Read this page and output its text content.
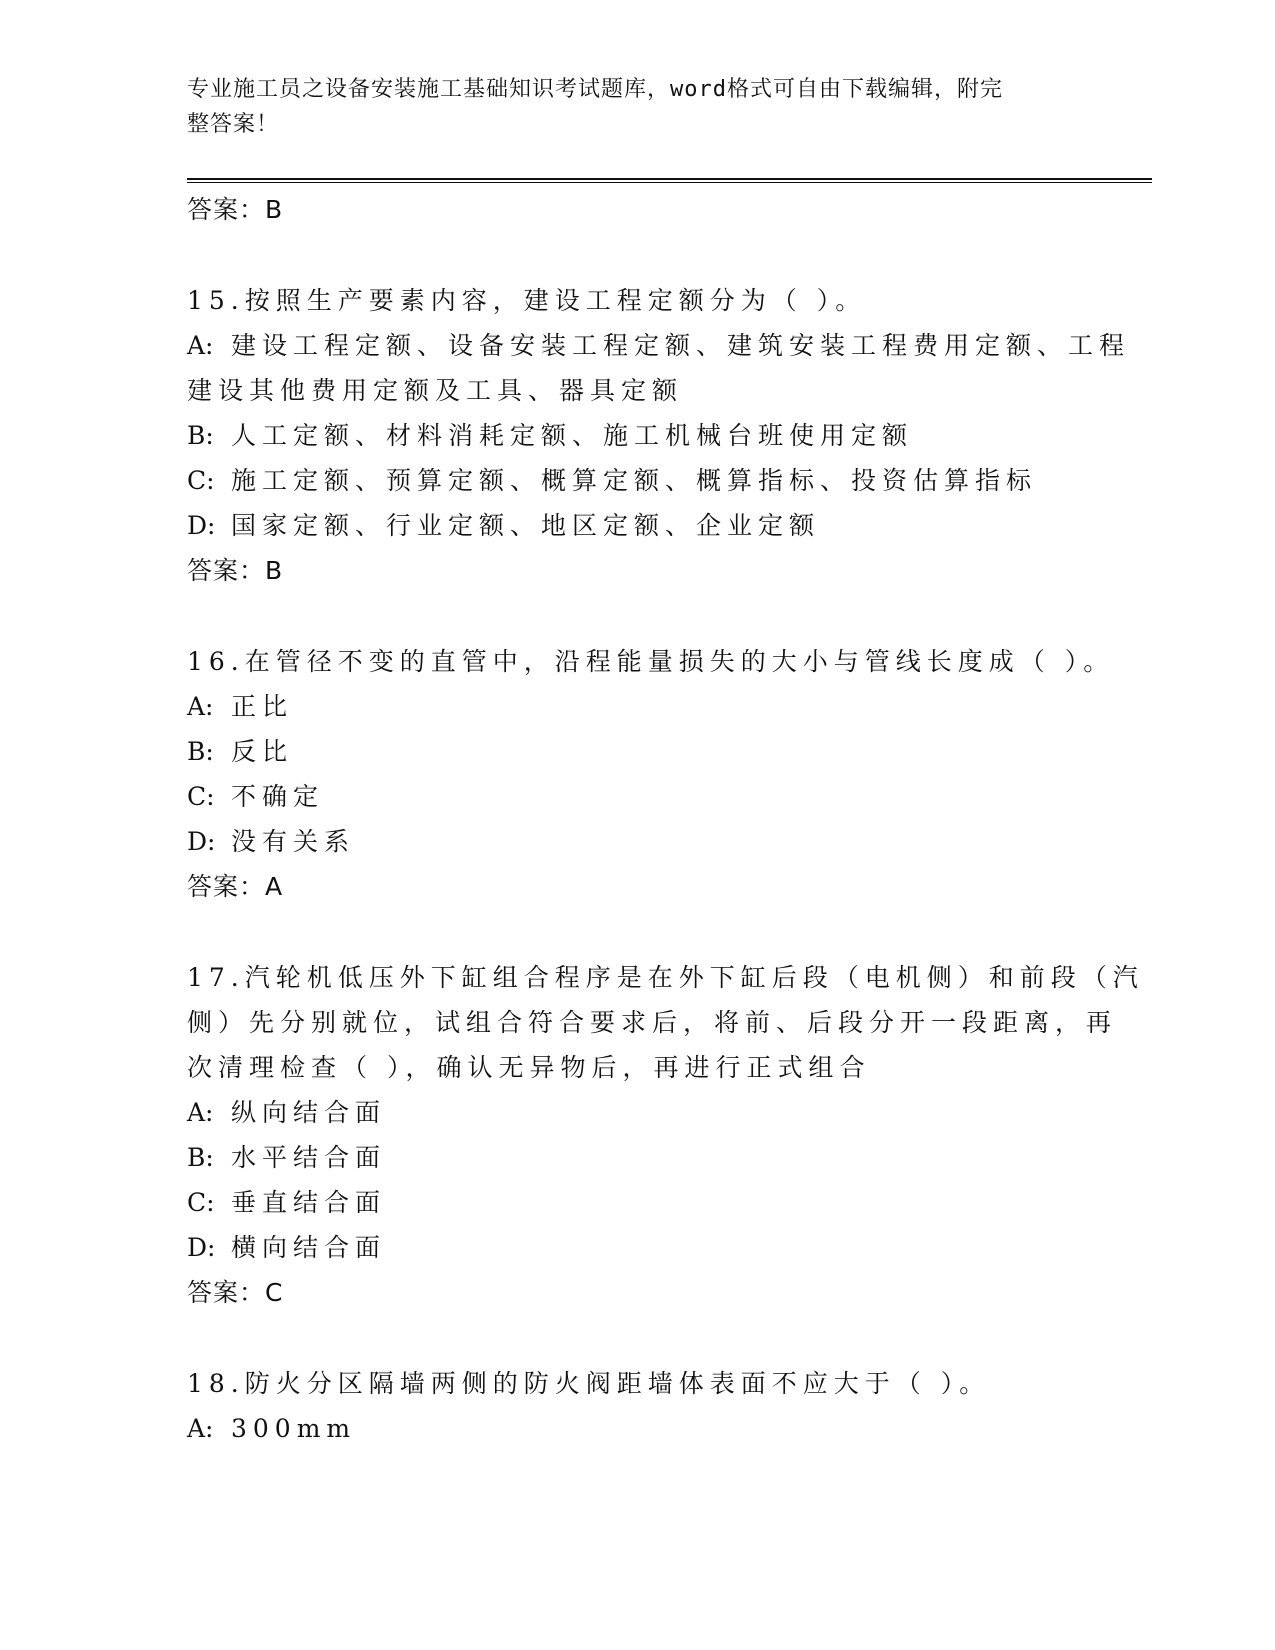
专业施工员之设备安装施工基础知识考试题库，word格式可自由下载编辑，附完
整答案！

答案：B

15.按照生产要素内容，建设工程定额分为（ ）。

A: 建设工程定额、设备安装工程定额、建筑安装工程费用定额、工程

建设其他费用定额及工具、器具定额

B: 人工定额、材料消耗定额、施工机械台班使用定额

C: 施工定额、预算定额、概算定额、概算指标、投资估算指标

D: 国家定额、行业定额、地区定额、企业定额

答案：B

16.在管径不变的直管中，沿程能量损失的大小与管线长度成（ ）。

A: 正比

B: 反比

C: 不确定

D: 没有关系

答案：A

17.汽轮机低压外下缸组合程序是在外下缸后段（电机侧）和前段（汽

侧）先分别就位，试组合符合要求后，将前、后段分开一段距离，再

次清理检查（ ），确认无异物后，再进行正式组合

A: 纵向结合面

B: 水平结合面

C: 垂直结合面

D: 横向结合面

答案：C

18.防火分区隔墙两侧的防火阀距墙体表面不应大于（ ）。

A: 300mm
